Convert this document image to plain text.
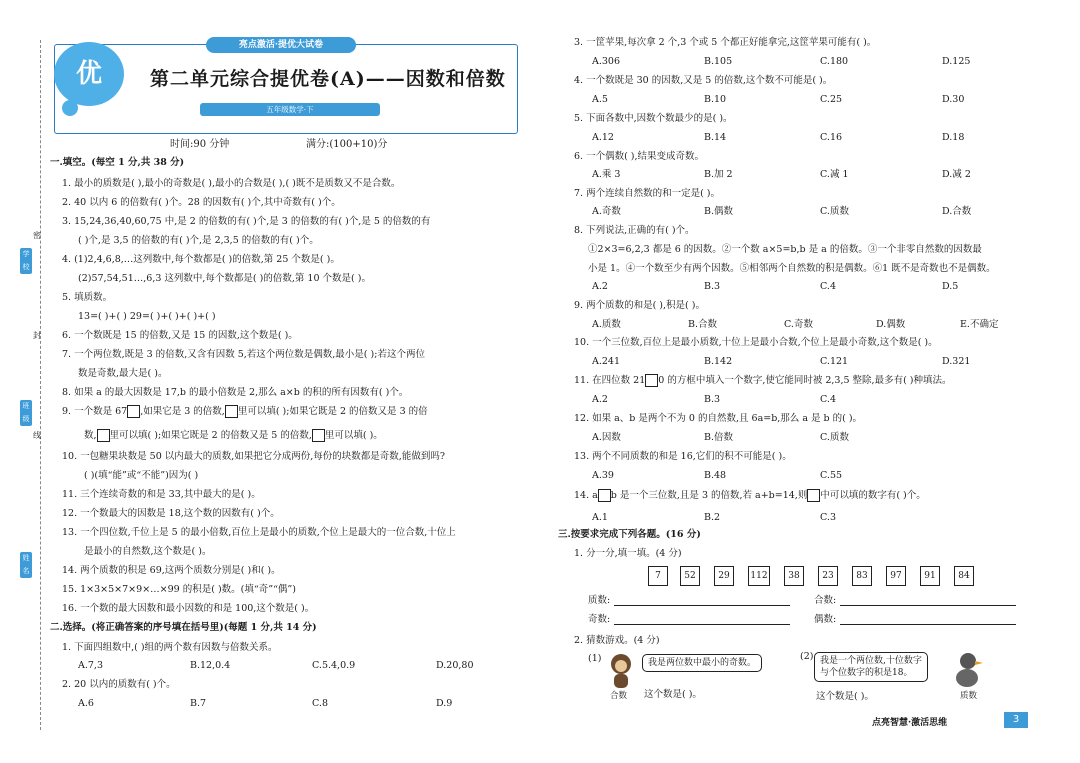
学校
班级
姓名
密
封
线
优
亮点激活·提优大试卷
第二单元综合提优卷(A)——因数和倍数
五年级数学·下
时间:90 分钟	满分:(100+10)分
一.填空。(每空 1 分,共 38 分)
1. 最小的质数是( ),最小的奇数是( ),最小的合数是( ),( )既不是质数又不是合数。
2. 40 以内 6 的倍数有( )个。28 的因数有( )个,其中奇数有( )个。
3. 15,24,36,40,60,75 中,是 2 的倍数的有( )个,是 3 的倍数的有( )个,是 5 的倍数的有
( )个,是 3,5 的倍数的有( )个,是 2,3,5 的倍数的有( )个。
4. (1)2,4,6,8,…这列数中,每个数都是( )的倍数,第 25 个数是( )。
(2)57,54,51…,6,3 这列数中,每个数都是( )的倍数,第 10 个数是( )。
5. 填质数。
13=( )+( ) 29=( )+( )+( )+( )
6. 一个数既是 15 的倍数,又是 15 的因数,这个数是( )。
7. 一个两位数,既是 3 的倍数,又含有因数 5,若这个两位数是偶数,最小是( );若这个两位
数是奇数,最大是( )。
8. 如果 a 的最大因数是 17,b 的最小倍数是 2,那么 a×b 的积的所有因数有( )个。
10. 一包糖果块数是 50 以内最大的质数,如果把它分成两份,每份的块数都是奇数,能做到吗?
( )(填“能”或“不能”)因为( )
11. 三个连续奇数的和是 33,其中最大的是( )。
12. 一个数最大的因数是 18,这个数的因数有( )个。
13. 一个四位数,千位上是 5 的最小倍数,百位上是最小的质数,个位上是最大的一位合数,十位上
是最小的自然数,这个数是( )。
14. 两个质数的积是 69,这两个质数分别是( )和( )。
15. 1×3×5×7×9×…×99 的积是( )数。(填“奇”“偶”)
16. 一个数的最大因数和最小因数的和是 100,这个数是( )。
二.选择。(将正确答案的序号填在括号里)(每题 1 分,共 14 分)
1. 下面四组数中,( )组的两个数有因数与倍数关系。
2. 20 以内的质数有( )个。
9. 一个数是 67 ,如果它是 3 的倍数, 里可以填( );如果它既是 2 的倍数又是 3 的倍
数, 里可以填( );如果它既是 2 的倍数又是 5 的倍数, 里可以填( )。
A.7,3	B.12,0.4	C.5.4,0.9	D.20,80
A.6	B.7	C.8	D.9
3. 一筐苹果,每次拿 2 个,3 个或 5 个都正好能拿完,这筐苹果可能有( )。
4. 一个数既是 30 的因数,又是 5 的倍数,这个数不可能是( )。
5. 下面各数中,因数个数最少的是( )。
6. 一个偶数( ),结果变成奇数。
7. 两个连续自然数的和一定是( )。
8. 下列说法,正确的有( )个。
①2×3=6,2,3 都是 6 的因数。②一个数 a×5=b,b 是 a 的倍数。③一个非零自然数的因数最
小是 1。④一个数至少有两个因数。⑤相邻两个自然数的积是偶数。⑥1 既不是奇数也不是偶数。
9. 两个质数的和是( ),积是( )。
10. 一个三位数,百位上是最小质数,十位上是最小合数,个位上是最小奇数,这个数是( )。
12. 如果 a、b 是两个不为 0 的自然数,且 6a=b,那么 a 是 b 的( )。
13. 两个不同质数的和是 16,它们的积不可能是( )。
三.按要求完成下列各题。(16 分)
1. 分一分,填一填。(4 分)
2. 猜数游戏。(4 分)
11. 在四位数 21 0 的方框中填入一个数字,使它能同时被 2,3,5 整除,最多有( )种填法。
14. a b 是一个三位数,且是 3 的倍数,若 a+b=14,则 中可以填的数字有( )个。
A.306	B.105	C.180	D.125
A.5	B.10	C.25	D.30
A.12	B.14	C.16	D.18
A.乘 3	B.加 2	C.减 1	D.减 2
A.奇数	B.偶数	C.质数	D.合数
A.2	B.3	C.4	D.5
A.241	B.142	C.121	D.321
A.2	B.3	C.4
A.因数	B.倍数	C.质数
A.39	B.48	C.55
A.1	B.2	C.3
A.质数	B.合数	C.奇数	D.偶数	E.不确定
7	52	29	112	38	23	83	97	91	84
质数:	合数:
奇数:	偶数:
(1)
合数
我是两位数中最小的奇数。
这个数是( )。
(2) 我是一个两位数,十位数字
与个位数字的积是18。
质数
这个数是( )。
点亮智慧·激活思维	3
